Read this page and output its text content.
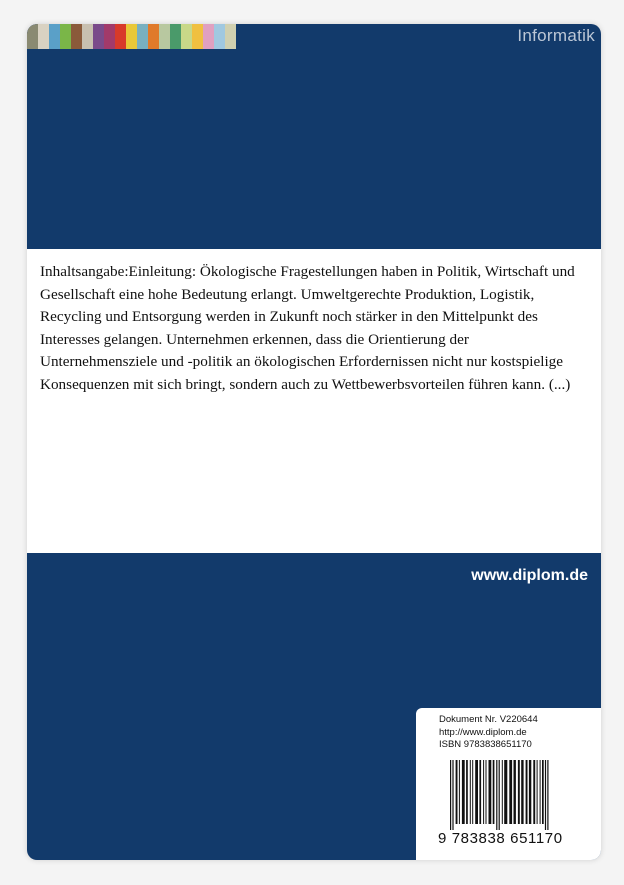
Informatik

Inhaltsangabe:Einleitung: Ökologische Fragestellungen haben in Politik, Wirtschaft und Gesellschaft eine hohe Bedeutung erlangt. Umweltgerechte Produktion, Logistik, Recycling und Entsorgung werden in Zukunft noch stärker in den Mittelpunkt des Interesses gelangen. Unternehmen erkennen, dass die Orientierung der Unternehmensziele und -politik an ökologischen Erfordernissen nicht nur kostspielige Konsequenzen mit sich bringt, sondern auch zu Wettbewerbsvorteilen führen kann. (...)

www.diplom.de
Dokument Nr. V220644
http://www.diplom.de
ISBN 9783838651170
9 783838 651170
